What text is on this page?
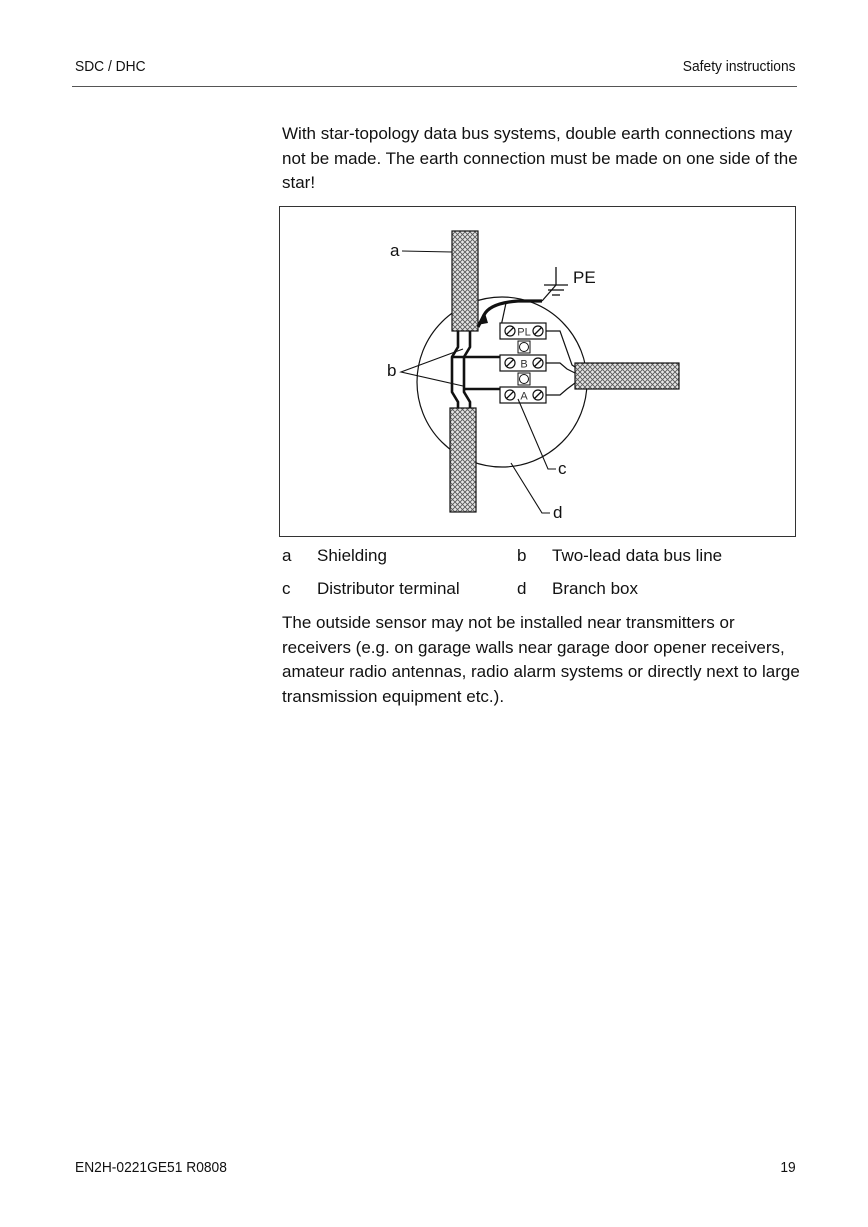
SDC / DHC	Safety instructions
With star-topology data bus systems, double earth connections may not be made. The earth connection must be made on one side of the star!
PE
PL
B
A
a
b
c
d
a Shielding	b Two-lead data bus line
c Distributor terminal	d Branch box
The outside sensor may not be installed near transmitters or receivers (e.g. on garage walls near garage door opener receivers, amateur radio antennas, radio alarm systems or directly next to large transmission equipment etc.).
EN2H-0221GE51 R0808	19
